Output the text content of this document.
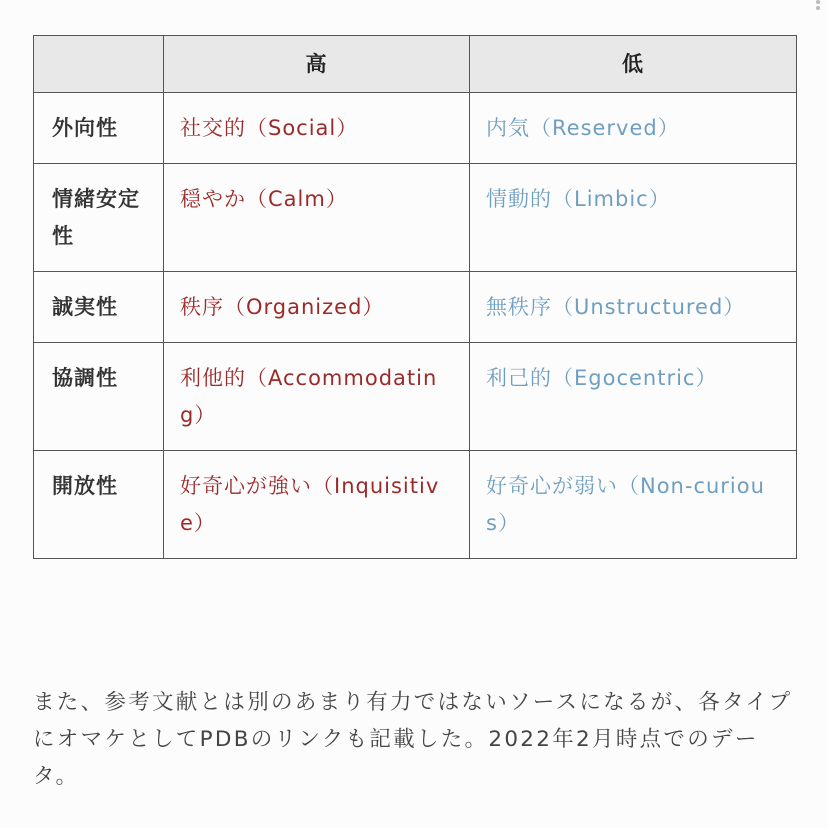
	高	低
外向性	社交的（Social）	内気（Reserved）
情緒安定性	穏やか（Calm）	情動的（Limbic）
誠実性	秩序（Organized）	無秩序（Unstructured）
協調性	利他的（Accommodating）	利己的（Egocentric）
開放性	好奇心が強い（Inquisitive）	好奇心が弱い（Non-curious）

また、参考文献とは別のあまり有力ではないソースになるが、各タイプにオマケとしてPDBのリンクも記載した。2022年2月時点でのデータ。
